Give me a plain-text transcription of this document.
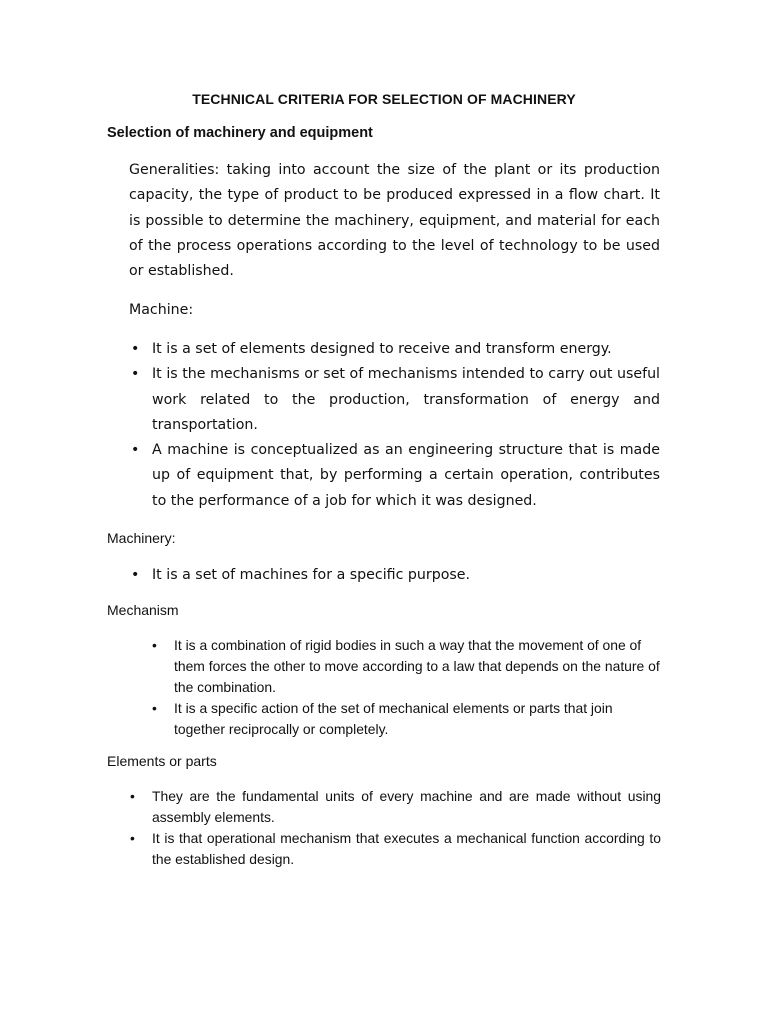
TECHNICAL CRITERIA FOR SELECTION OF MACHINERY
Selection of machinery and equipment

Generalities: taking into account the size of the plant or its production capacity, the type of product to be produced expressed in a flow chart. It is possible to determine the machinery, equipment, and material for each of the process operations according to the level of technology to be used or established.

Machine:

• It is a set of elements designed to receive and transform energy.
• It is the mechanisms or set of mechanisms intended to carry out useful work related to the production, transformation of energy and transportation.
• A machine is conceptualized as an engineering structure that is made up of equipment that, by performing a certain operation, contributes to the performance of a job for which it was designed.

Machinery:

• It is a set of machines for a specific purpose.

Mechanism

• It is a combination of rigid bodies in such a way that the movement of one of them forces the other to move according to a law that depends on the nature of the combination.
• It is a specific action of the set of mechanical elements or parts that join together reciprocally or completely.

Elements or parts

• They are the fundamental units of every machine and are made without using assembly elements.
• It is that operational mechanism that executes a mechanical function according to the established design.
